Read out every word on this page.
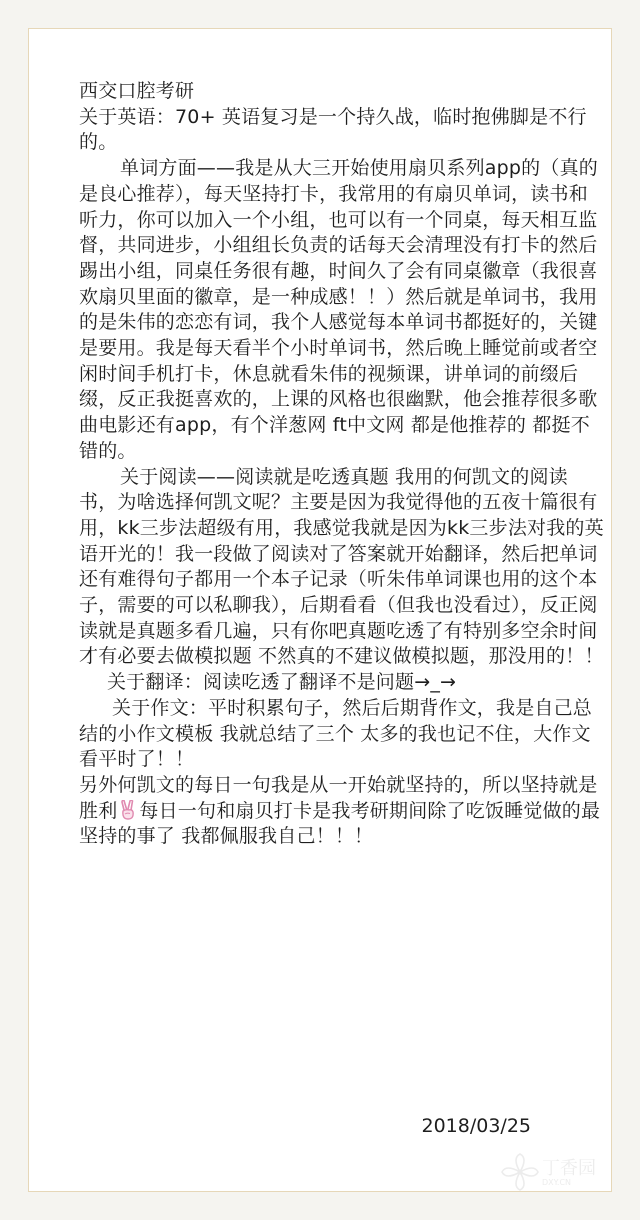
西交口腔考研

关于英语：70+ 英语复习是一个持久战，临时抱佛脚是不行的。

单词方面——我是从大三开始使用扇贝系列app的（真的是良心推荐），每天坚持打卡，我常用的有扇贝单词，读书和听力，你可以加入一个小组，也可以有一个同桌，每天相互监督，共同进步，小组组长负责的话每天会清理没有打卡的然后踢出小组，同桌任务很有趣，时间久了会有同桌徽章（我很喜欢扇贝里面的徽章，是一种成感！！）然后就是单词书，我用的是朱伟的恋恋有词，我个人感觉每本单词书都挺好的，关键是要用。我是每天看半个小时单词书，然后晚上睡觉前或者空闲时间手机打卡，休息就看朱伟的视频课，讲单词的前缀后缀，反正我挺喜欢的，上课的风格也很幽默，他会推荐很多歌曲电影还有app，有个洋葱网 ft中文网 都是他推荐的 都挺不错的。

关于阅读——阅读就是吃透真题 我用的何凯文的阅读书，为啥选择何凯文呢？主要是因为我觉得他的五夜十篇很有用，kk三步法超级有用，我感觉我就是因为kk三步法对我的英语开光的！我一段做了阅读对了答案就开始翻译，然后把单词还有难得句子都用一个本子记录（听朱伟单词课也用的这个本子，需要的可以私聊我），后期看看（但我也没看过），反正阅读就是真题多看几遍，只有你吧真题吃透了有特别多空余时间才有必要去做模拟题 不然真的不建议做模拟题，那没用的！！

关于翻译：阅读吃透了翻译不是问题→_→

关于作文：平时积累句子，然后后期背作文，我是自己总结的小作文模板 我就总结了三个 太多的我也记不住，大作文看平时了！！

另外何凯文的每日一句我是从一开始就坚持的，所以坚持就是胜利 每日一句和扇贝打卡是我考研期间除了吃饭睡觉做的最坚持的事了 我都佩服我自己！！！

2018/03/25
丁香园
DXY.CN
